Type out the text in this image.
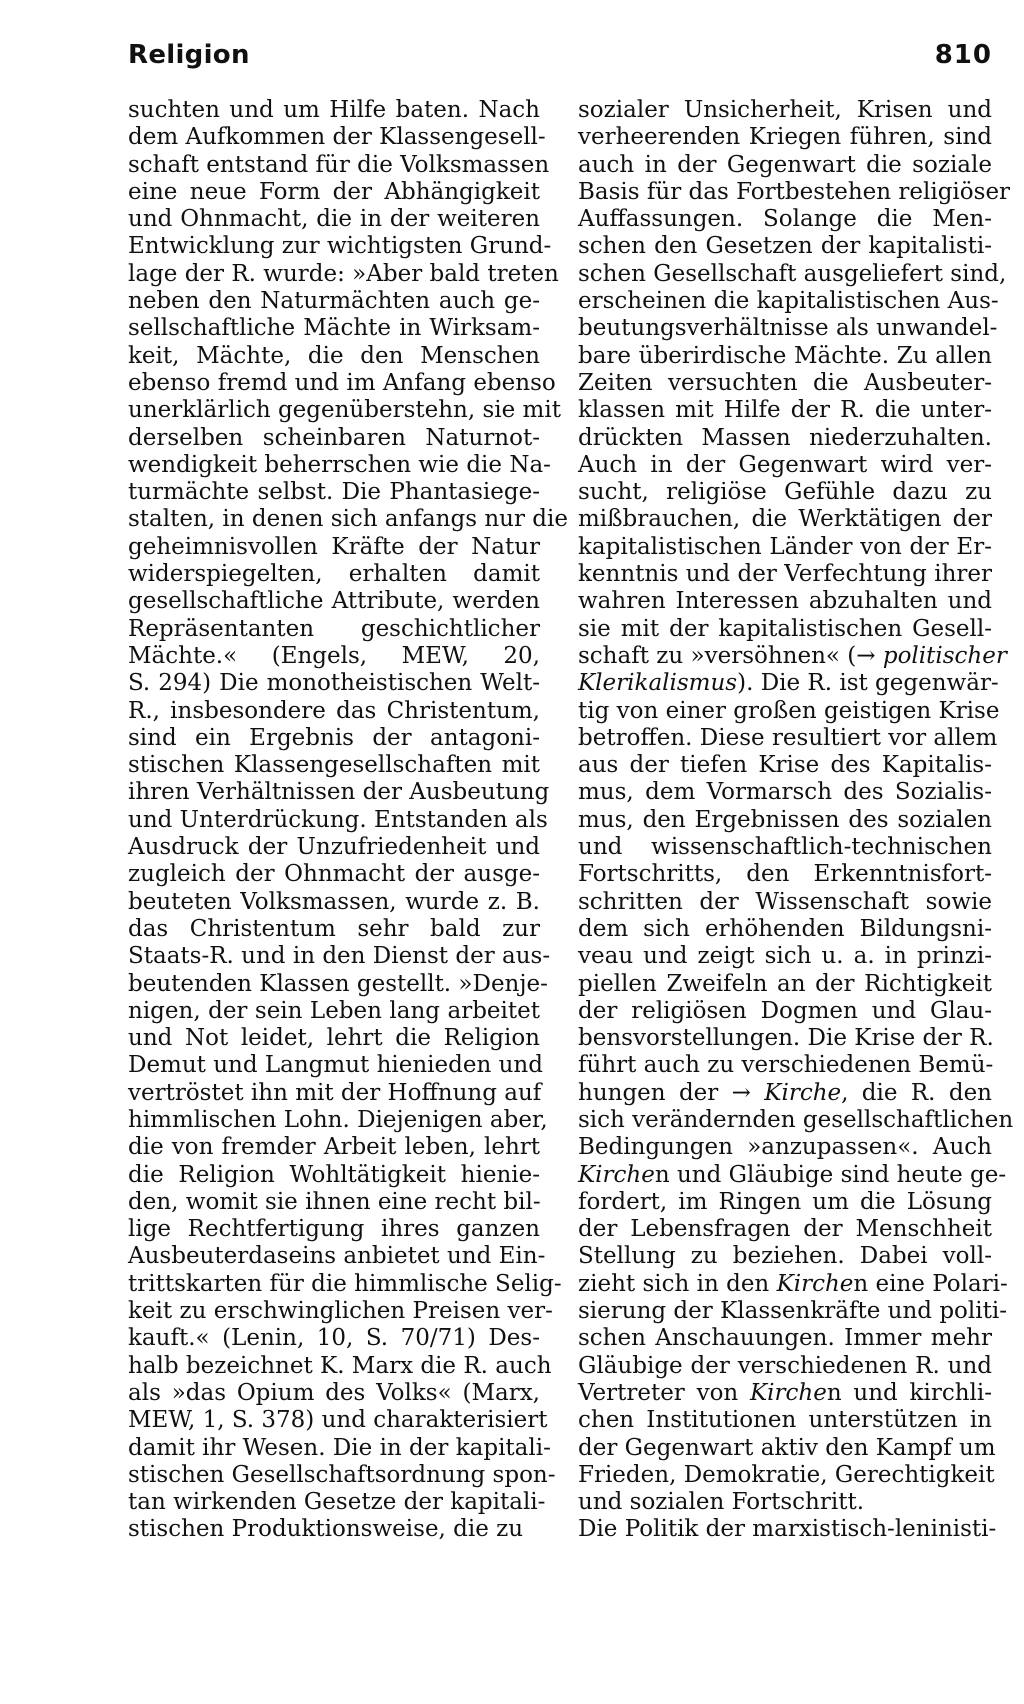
Religion	810
suchten und um Hilfe baten. Nach
dem Aufkommen der Klassengesell-
schaft entstand für die Volksmassen
eine neue Form der Abhängigkeit
und Ohnmacht, die in der weiteren
Entwicklung zur wichtigsten Grund-
lage der R. wurde: »Aber bald treten
neben den Naturmächten auch ge-
sellschaftliche Mächte in Wirksam-
keit, Mächte, die den Menschen
ebenso fremd und im Anfang ebenso
unerklärlich gegenüberstehn, sie mit
derselben scheinbaren Naturnot-
wendigkeit beherrschen wie die Na-
turmächte selbst. Die Phantasiege-
stalten, in denen sich anfangs nur die
geheimnisvollen Kräfte der Natur
widerspiegelten, erhalten damit
gesellschaftliche Attribute, werden
Repräsentanten geschichtlicher
Mächte.« (Engels, MEW, 20,
S. 294) Die monotheistischen Welt-
R., insbesondere das Christentum,
sind ein Ergebnis der antagoni-
stischen Klassengesellschaften mit
ihren Verhältnissen der Ausbeutung
und Unterdrückung. Entstanden als
Ausdruck der Unzufriedenheit und
zugleich der Ohnmacht der ausge-
beuteten Volksmassen, wurde z. B.
das Christentum sehr bald zur
Staats-R. und in den Dienst der aus-
beutenden Klassen gestellt. »Denje-
nigen, der sein Leben lang arbeitet
und Not leidet, lehrt die Religion
Demut und Langmut hienieden und
vertröstet ihn mit der Hoffnung auf
himmlischen Lohn. Diejenigen aber,
die von fremder Arbeit leben, lehrt
die Religion Wohltätigkeit hienie-
den, womit sie ihnen eine recht bil-
lige Rechtfertigung ihres ganzen
Ausbeuterdaseins anbietet und Ein-
trittskarten für die himmlische Selig-
keit zu erschwinglichen Preisen ver-
kauft.« (Lenin, 10, S. 70/71) Des-
halb bezeichnet K. Marx die R. auch
als »das Opium des Volks« (Marx,
MEW, 1, S. 378) und charakterisiert
damit ihr Wesen. Die in der kapitali-
stischen Gesellschaftsordnung spon-
tan wirkenden Gesetze der kapitali-
stischen Produktionsweise, die zu
sozialer Unsicherheit, Krisen und
verheerenden Kriegen führen, sind
auch in der Gegenwart die soziale
Basis für das Fortbestehen religiöser
Auffassungen. Solange die Men-
schen den Gesetzen der kapitalisti-
schen Gesellschaft ausgeliefert sind,
erscheinen die kapitalistischen Aus-
beutungsverhältnisse als unwandel-
bare überirdische Mächte. Zu allen
Zeiten versuchten die Ausbeuter-
klassen mit Hilfe der R. die unter-
drückten Massen niederzuhalten.
Auch in der Gegenwart wird ver-
sucht, religiöse Gefühle dazu zu
mißbrauchen, die Werktätigen der
kapitalistischen Länder von der Er-
kenntnis und der Verfechtung ihrer
wahren Interessen abzuhalten und
sie mit der kapitalistischen Gesell-
schaft zu »versöhnen« (→ politischer
Klerikalismus). Die R. ist gegenwär-
tig von einer großen geistigen Krise
betroffen. Diese resultiert vor allem
aus der tiefen Krise des Kapitalis-
mus, dem Vormarsch des Sozialis-
mus, den Ergebnissen des sozialen
und wissenschaftlich-technischen
Fortschritts, den Erkenntnisfort-
schritten der Wissenschaft sowie
dem sich erhöhenden Bildungsni-
veau und zeigt sich u. a. in prinzi-
piellen Zweifeln an der Richtigkeit
der religiösen Dogmen und Glau-
bensvorstellungen. Die Krise der R.
führt auch zu verschiedenen Bemü-
hungen der → Kirche, die R. den
sich verändernden gesellschaftlichen
Bedingungen »anzupassen«. Auch
Kirchen und Gläubige sind heute ge-
fordert, im Ringen um die Lösung
der Lebensfragen der Menschheit
Stellung zu beziehen. Dabei voll-
zieht sich in den Kirchen eine Polari-
sierung der Klassenkräfte und politi-
schen Anschauungen. Immer mehr
Gläubige der verschiedenen R. und
Vertreter von Kirchen und kirchli-
chen Institutionen unterstützen in
der Gegenwart aktiv den Kampf um
Frieden, Demokratie, Gerechtigkeit
und sozialen Fortschritt.
Die Politik der marxistisch-leninisti-
